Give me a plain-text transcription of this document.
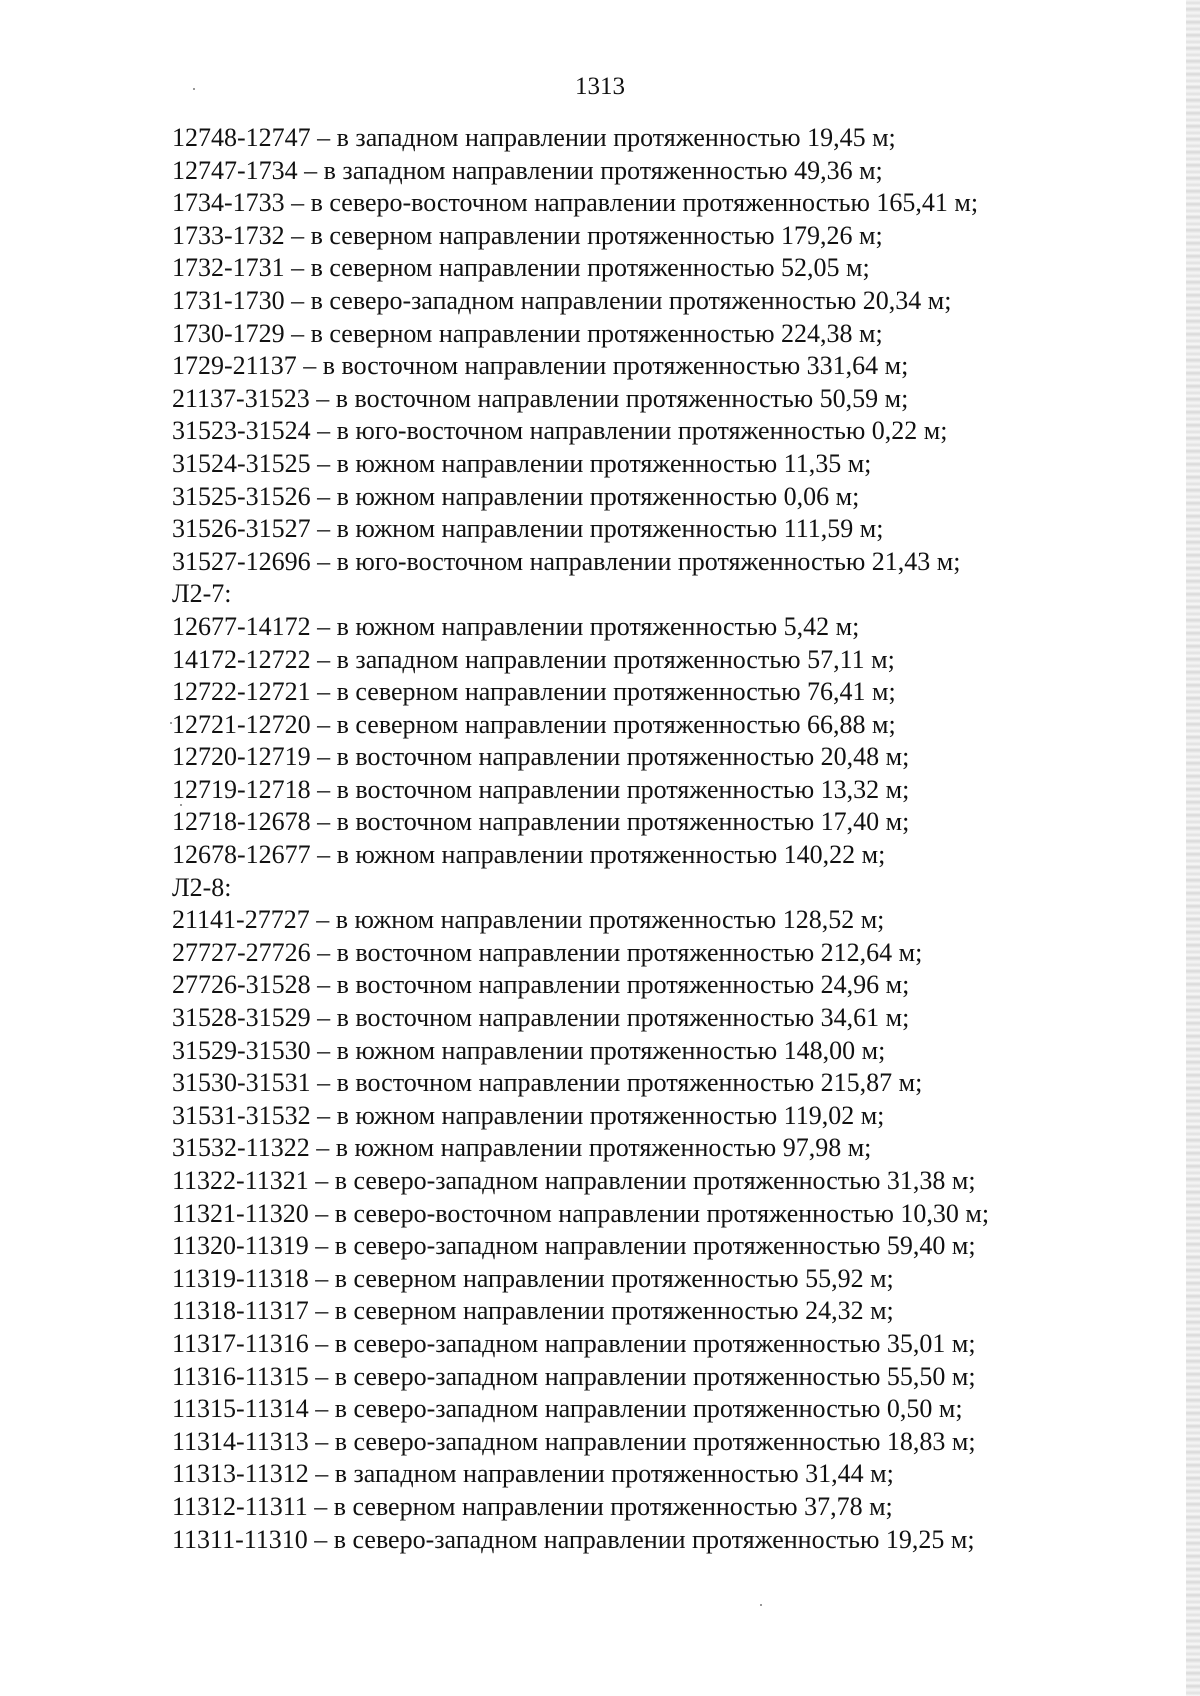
1313
12748-12747 – в западном направлении протяженностью 19,45 м;
12747-1734 – в западном направлении протяженностью 49,36 м;
1734-1733 – в северо-восточном направлении протяженностью 165,41 м;
1733-1732 – в северном направлении протяженностью 179,26 м;
1732-1731 – в северном направлении протяженностью 52,05 м;
1731-1730 – в северо-западном направлении протяженностью 20,34 м;
1730-1729 – в северном направлении протяженностью 224,38 м;
1729-21137 – в восточном направлении протяженностью 331,64 м;
21137-31523 – в восточном направлении протяженностью 50,59 м;
31523-31524 – в юго-восточном направлении протяженностью 0,22 м;
31524-31525 – в южном направлении протяженностью 11,35 м;
31525-31526 – в южном направлении протяженностью 0,06 м;
31526-31527 – в южном направлении протяженностью 111,59 м;
31527-12696 – в юго-восточном направлении протяженностью 21,43 м;
Л2-7:
12677-14172 – в южном направлении протяженностью 5,42 м;
14172-12722 – в западном направлении протяженностью 57,11 м;
12722-12721 – в северном направлении протяженностью 76,41 м;
12721-12720 – в северном направлении протяженностью 66,88 м;
12720-12719 – в восточном направлении протяженностью 20,48 м;
12719-12718 – в восточном направлении протяженностью 13,32 м;
12718-12678 – в восточном направлении протяженностью 17,40 м;
12678-12677 – в южном направлении протяженностью 140,22 м;
Л2-8:
21141-27727 – в южном направлении протяженностью 128,52 м;
27727-27726 – в восточном направлении протяженностью 212,64 м;
27726-31528 – в восточном направлении протяженностью 24,96 м;
31528-31529 – в восточном направлении протяженностью 34,61 м;
31529-31530 – в южном направлении протяженностью 148,00 м;
31530-31531 – в восточном направлении протяженностью 215,87 м;
31531-31532 – в южном направлении протяженностью 119,02 м;
31532-11322 – в южном направлении протяженностью 97,98 м;
11322-11321 – в северо-западном направлении протяженностью 31,38 м;
11321-11320 – в северо-восточном направлении протяженностью 10,30 м;
11320-11319 – в северо-западном направлении протяженностью 59,40 м;
11319-11318 – в северном направлении протяженностью 55,92 м;
11318-11317 – в северном направлении протяженностью 24,32 м;
11317-11316 – в северо-западном направлении протяженностью 35,01 м;
11316-11315 – в северо-западном направлении протяженностью 55,50 м;
11315-11314 – в северо-западном направлении протяженностью 0,50 м;
11314-11313 – в северо-западном направлении протяженностью 18,83 м;
11313-11312 – в западном направлении протяженностью 31,44 м;
11312-11311 – в северном направлении протяженностью 37,78 м;
11311-11310 – в северо-западном направлении протяженностью 19,25 м;
